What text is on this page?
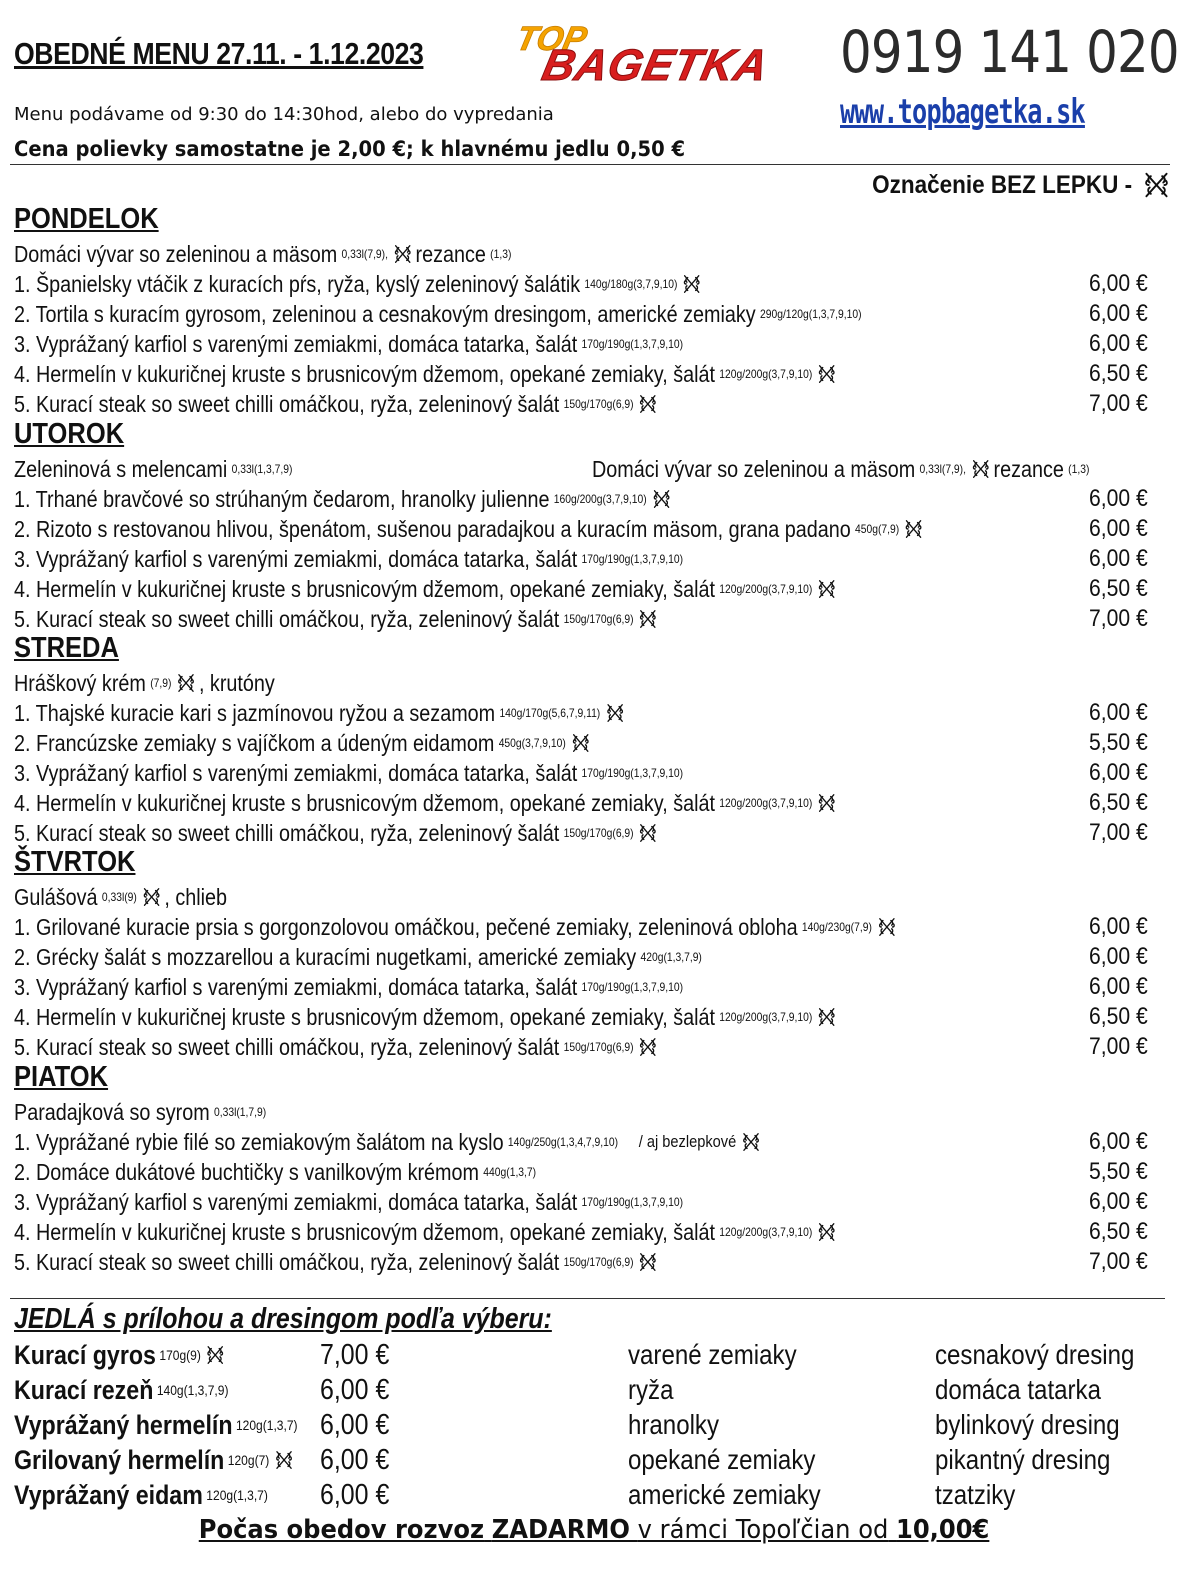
OBEDNÉ MENU 27.11. - 1.12.2023	TOP
BAGETKA 0919 141 020
www.topbagetka.sk
Menu podávame od 9:30 do 14:30hod, alebo do vypredania
Cena polievky samostatne je 2,00 €; k hlavnému jedlu 0,50 €
Označenie BEZ LEPKU -
PONDELOK
Domáci vývar so zeleninou a mäsom 0,33l(7,9), rezance (1,3)
1. Španielsky vtáčik z kuracích pŕs, ryža, kyslý zeleninový šalátik 140g/180g(3,7,9,10)	6,00 €
2. Tortila s kuracím gyrosom, zeleninou a cesnakovým dresingom, americké zemiaky 290g/120g(1,3,7,9,10)	6,00 €
3. Vyprážaný karfiol s varenými zemiakmi, domáca tatarka, šalát 170g/190g(1,3,7,9,10)	6,00 €
4. Hermelín v kukuričnej kruste s brusnicovým džemom, opekané zemiaky, šalát 120g/200g(3,7,9,10)	6,50 €
5. Kurací steak so sweet chilli omáčkou, ryža, zeleninový šalát 150g/170g(6,9)	7,00 €
UTOROK
Zeleninová s melencami 0,33l(1,3,7,9)	Domáci vývar so zeleninou a mäsom 0,33l(7,9), rezance (1,3)
1. Trhané bravčové so strúhaným čedarom, hranolky julienne 160g/200g(3,7,9,10)	6,00 €
2. Rizoto s restovanou hlivou, špenátom, sušenou paradajkou a kuracím mäsom, grana padano 450g(7,9)	6,00 €
3. Vyprážaný karfiol s varenými zemiakmi, domáca tatarka, šalát 170g/190g(1,3,7,9,10)	6,00 €
4. Hermelín v kukuričnej kruste s brusnicovým džemom, opekané zemiaky, šalát 120g/200g(3,7,9,10)	6,50 €
5. Kurací steak so sweet chilli omáčkou, ryža, zeleninový šalát 150g/170g(6,9)	7,00 €
STREDA
Hráškový krém (7,9) , krutóny
1. Thajské kuracie kari s jazmínovou ryžou a sezamom 140g/170g(5,6,7,9,11)	6,00 €
2. Francúzske zemiaky s vajíčkom a údeným eidamom 450g(3,7,9,10)	5,50 €
3. Vyprážaný karfiol s varenými zemiakmi, domáca tatarka, šalát 170g/190g(1,3,7,9,10)	6,00 €
4. Hermelín v kukuričnej kruste s brusnicovým džemom, opekané zemiaky, šalát 120g/200g(3,7,9,10)	6,50 €
5. Kurací steak so sweet chilli omáčkou, ryža, zeleninový šalát 150g/170g(6,9)	7,00 €
ŠTVRTOK
Gulášová 0,33l(9) , chlieb
1. Grilované kuracie prsia s gorgonzolovou omáčkou, pečené zemiaky, zeleninová obloha 140g/230g(7,9)	6,00 €
2. Grécky šalát s mozzarellou a kuracími nugetkami, americké zemiaky 420g(1,3,7,9)	6,00 €
3. Vyprážaný karfiol s varenými zemiakmi, domáca tatarka, šalát 170g/190g(1,3,7,9,10)	6,00 €
4. Hermelín v kukuričnej kruste s brusnicovým džemom, opekané zemiaky, šalát 120g/200g(3,7,9,10)	6,50 €
5. Kurací steak so sweet chilli omáčkou, ryža, zeleninový šalát 150g/170g(6,9)	7,00 €
PIATOK
Paradajková so syrom 0,33l(1,7,9)
1. Vyprážané rybie filé so zemiakovým šalátom na kyslo 140g/250g(1,3,4,7,9,10) / aj bezlepkové	6,00 €
2. Domáce dukátové buchtičky s vanilkovým krémom 440g(1,3,7)	5,50 €
3. Vyprážaný karfiol s varenými zemiakmi, domáca tatarka, šalát 170g/190g(1,3,7,9,10)	6,00 €
4. Hermelín v kukuričnej kruste s brusnicovým džemom, opekané zemiaky, šalát 120g/200g(3,7,9,10)	6,50 €
5. Kurací steak so sweet chilli omáčkou, ryža, zeleninový šalát 150g/170g(6,9)	7,00 €
JEDLÁ s prílohou a dresingom podľa výberu:
Kurací gyros 170g(9)	7,00 €	varené zemiaky	cesnakový dresing
Kurací rezeň 140g(1,3,7,9)	6,00 €	ryža	domáca tatarka
Vyprážaný hermelín 120g(1,3,7) 6,00 €	hranolky	bylinkový dresing
Grilovaný hermelín 120g(7) 6,00 €	opekané zemiaky	pikantný dresing
Vyprážaný eidam 120g(1,3,7) 6,00 €	americké zemiaky	tzatziky
Počas obedov rozvoz ZADARMO v rámci Topoľčian od 10,00€
